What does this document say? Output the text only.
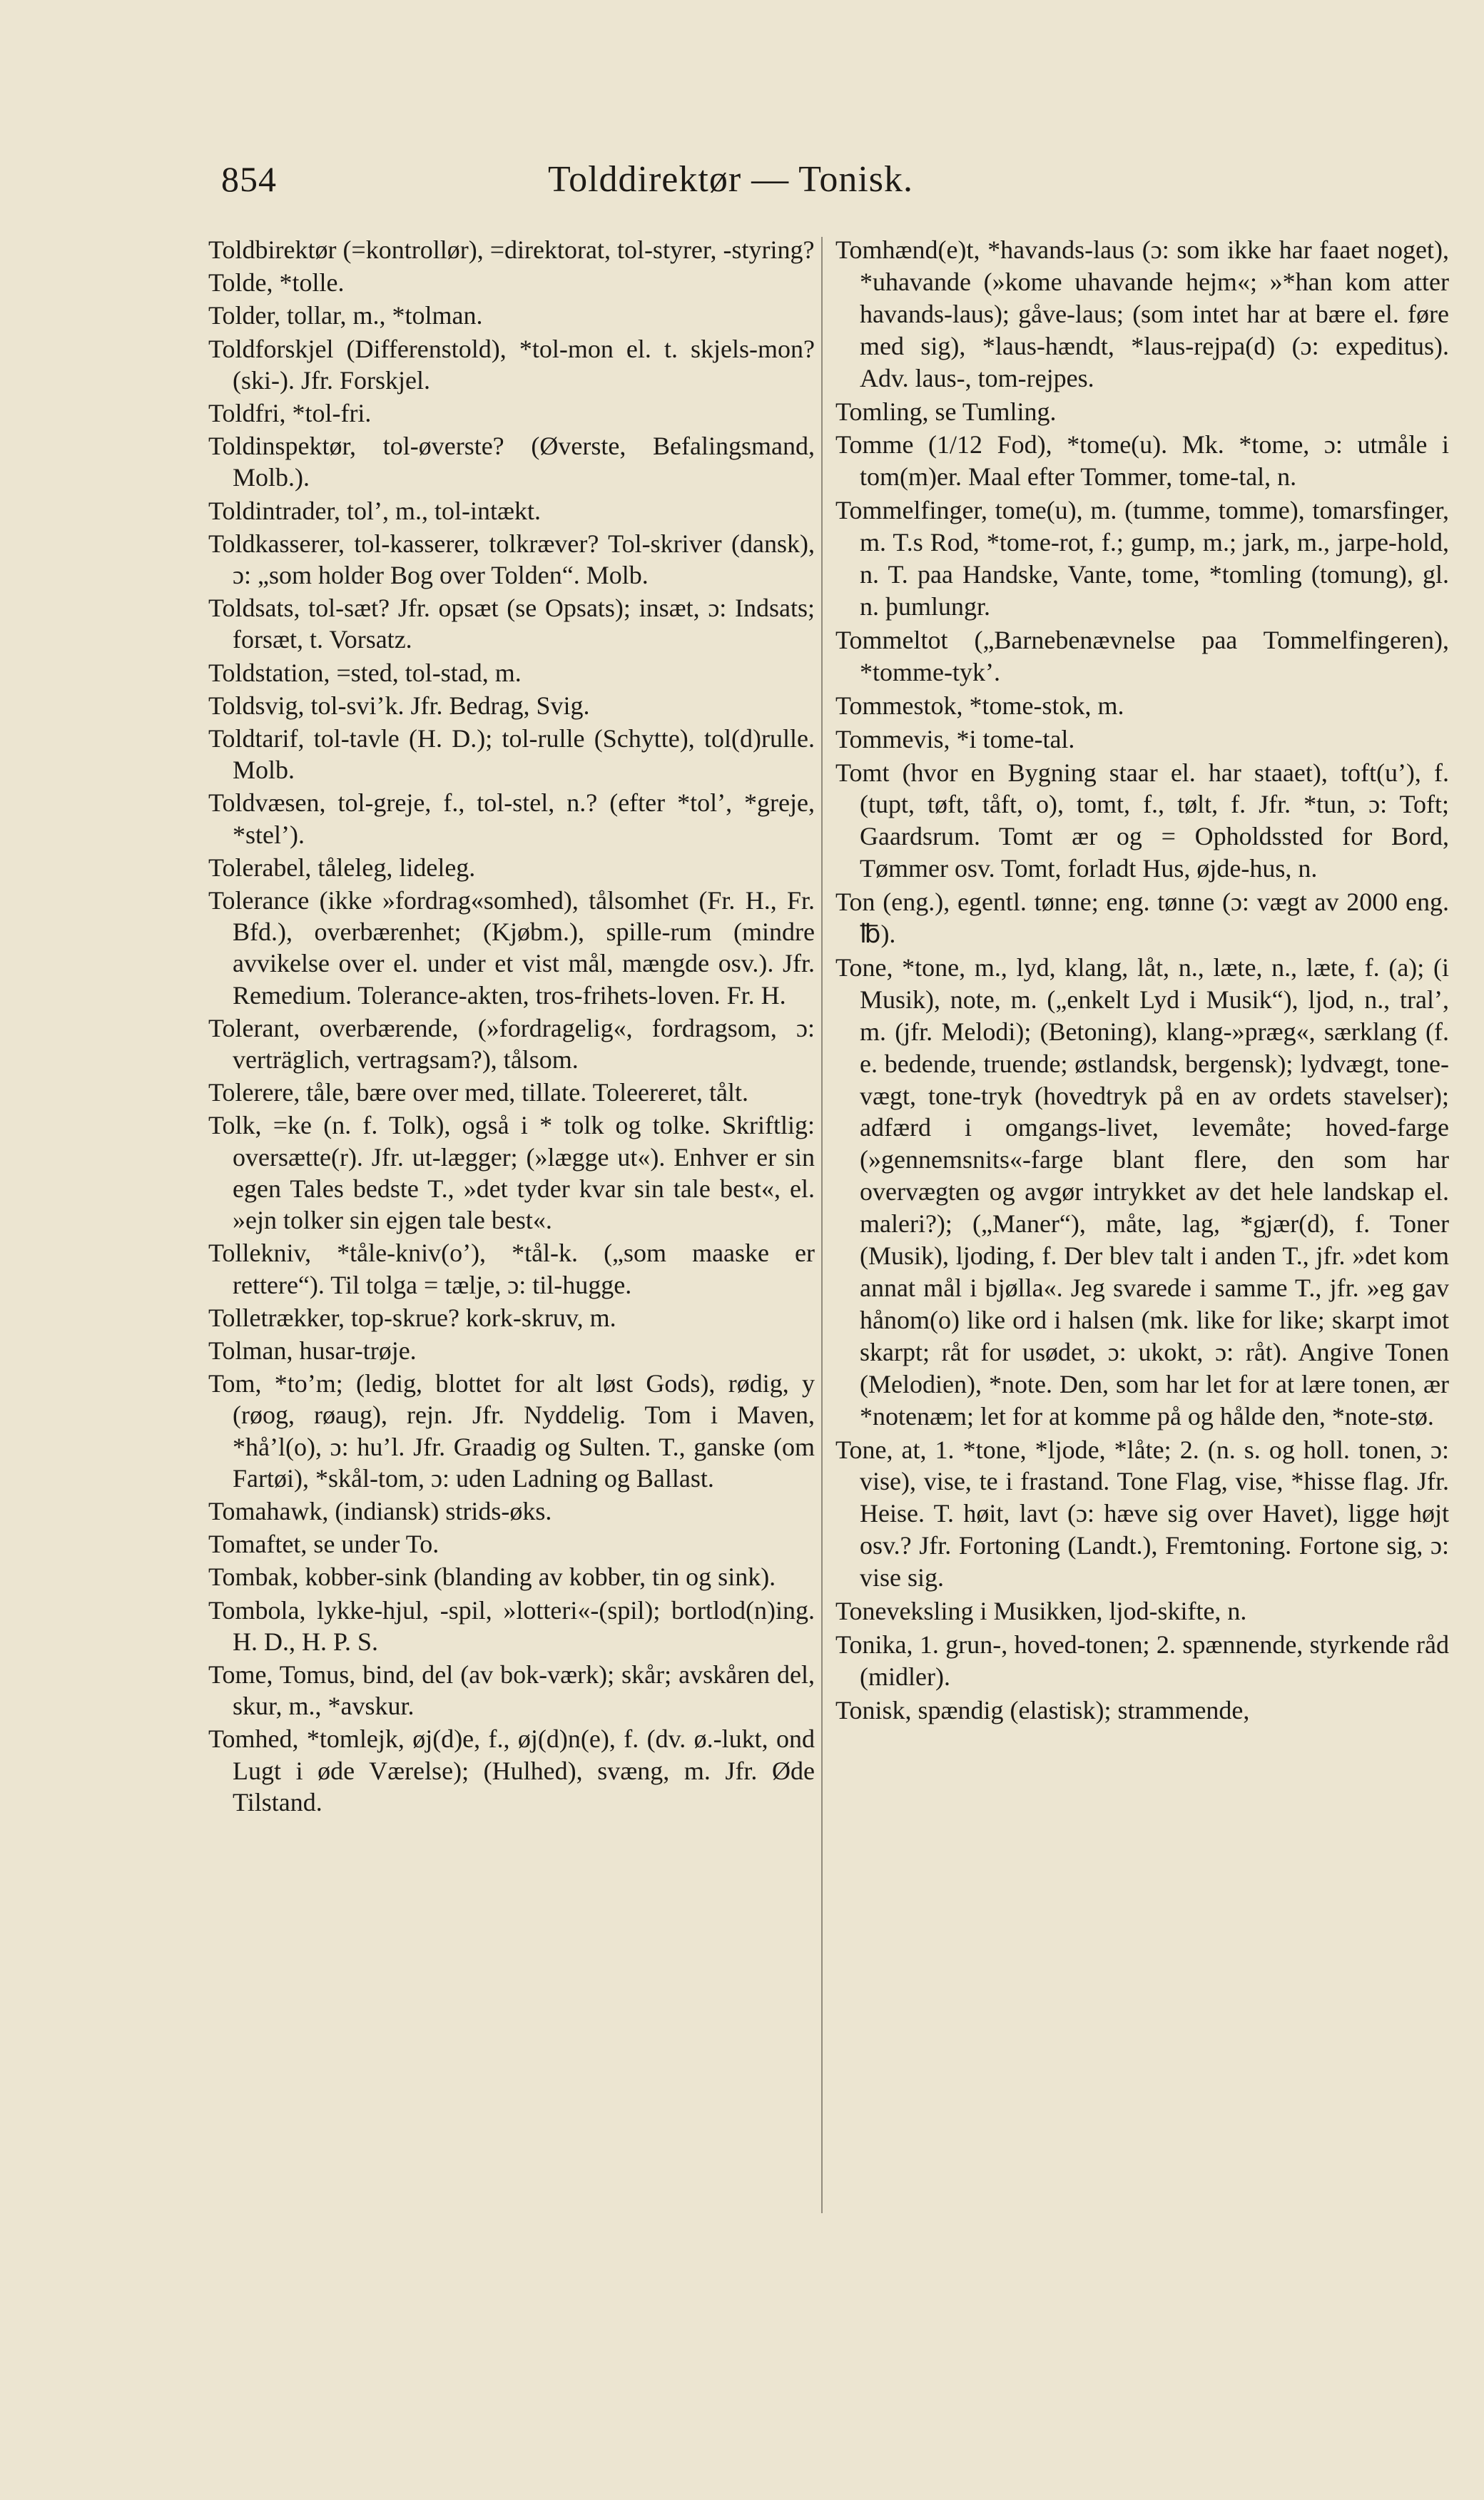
854	Tolddirektør — Tonisk.

Toldbirektør (=kontrollør), =direktorat, tol-styrer, -styring?

Tolde, *tolle.

Tolder, tollar, m., *tolman.

Toldforskjel (Differenstold), *tol-mon el. t. skjels-mon? (ski-). Jfr. Forskjel.

Toldfri, *tol-fri.

Toldinspektør, tol-øverste? (Øverste, Befalingsmand, Molb.).

Toldintrader, tol’, m., tol-intækt.

Toldkasserer, tol-kasserer, tolkræver? Tol-skriver (dansk), ɔ: „som holder Bog over Tolden“. Molb.

Toldsats, tol-sæt? Jfr. opsæt (se Opsats); insæt, ɔ: Indsats; forsæt, t. Vorsatz.

Toldstation, =sted, tol-stad, m.

Toldsvig, tol-svi’k. Jfr. Bedrag, Svig.

Toldtarif, tol-tavle (H. D.); tol-rulle (Schytte), tol(d)rulle. Molb.

Toldvæsen, tol-greje, f., tol-stel, n.? (efter *tol’, *greje, *stel’).

Tolerabel, tåleleg, lideleg.

Tolerance (ikke »fordrag«somhed), tålsomhet (Fr. H., Fr. Bfd.), overbærenhet; (Kjøbm.), spille-rum (mindre avvikelse over el. under et vist mål, mængde osv.). Jfr. Remedium. Tolerance-akten, tros-frihets-loven. Fr. H.

Tolerant, overbærende, (»fordragelig«, fordragsom, ɔ: verträglich, vertragsam?), tålsom.

Tolerere, tåle, bære over med, tillate. Toleereret, tålt.

Tolk, =ke (n. f. Tolk), også i * tolk og tolke. Skriftlig: oversætte(r). Jfr. ut-lægger; (»lægge ut«). Enhver er sin egen Tales bedste T., »det tyder kvar sin tale best«, el. »ejn tolker sin ejgen tale best«.

Tollekniv, *tåle-kniv(o’), *tål-k. („som maaske er rettere“). Til tolga = tælje, ɔ: til-hugge.

Tolletrækker, top-skrue? kork-skruv, m.

Tolman, husar-trøje.

Tom, *to’m; (ledig, blottet for alt løst Gods), rødig, y (røog, røaug), rejn. Jfr. Nyddelig. Tom i Maven, *hå’l(o), ɔ: hu’l. Jfr. Graadig og Sulten. T., ganske (om Fartøi), *skål-tom, ɔ: uden Ladning og Ballast.

Tomahawk, (indiansk) strids-øks.

Tomaftet, se under To.

Tombak, kobber-sink (blanding av kobber, tin og sink).

Tombola, lykke-hjul, -spil, »lotteri«-(spil); bortlod(n)ing. H. D., H. P. S.

Tome, Tomus, bind, del (av bok-værk); skår; avskåren del, skur, m., *avskur.

Tomhed, *tomlejk, øj(d)e, f., øj(d)n(e), f. (dv. ø.-lukt, ond Lugt i øde Værelse); (Hulhed), svæng, m. Jfr. Øde Tilstand.

Tomhænd(e)t, *havands-laus (ɔ: som ikke har faaet noget), *uhavande (»kome uhavande hejm«; »*han kom atter havands-laus); gåve-laus; (som intet har at bære el. føre med sig), *laus-hændt, *laus-rejpa(d) (ɔ: expeditus). Adv. laus-, tom-rejpes.

Tomling, se Tumling.

Tomme (1/12 Fod), *tome(u). Mk. *tome, ɔ: utmåle i tom(m)er. Maal efter Tommer, tome-tal, n.

Tommelfinger, tome(u), m. (tumme, tomme), tomarsfinger, m. T.s Rod, *tome-rot, f.; gump, m.; jark, m., jarpe-hold, n. T. paa Handske, Vante, tome, *tomling (tomung), gl. n. þumlungr.

Tommeltot („Barnebenævnelse paa Tommelfingeren), *tomme-tyk’.

Tommestok, *tome-stok, m.

Tommevis, *i tome-tal.

Tomt (hvor en Bygning staar el. har staaet), toft(u’), f. (tupt, tøft, tåft, o), tomt, f., tølt, f. Jfr. *tun, ɔ: Toft; Gaardsrum. Tomt ær og = Opholdssted for Bord, Tømmer osv. Tomt, forladt Hus, øjde-hus, n.

Ton (eng.), egentl. tønne; eng. tønne (ɔ: vægt av 2000 eng. ℔).

Tone, *tone, m., lyd, klang, låt, n., læte, n., læte, f. (a); (i Musik), note, m. („enkelt Lyd i Musik“), ljod, n., tral’, m. (jfr. Melodi); (Betoning), klang-»præg«, særklang (f. e. bedende, truende; østlandsk, bergensk); lydvægt, tone-vægt, tone-tryk (hovedtryk på en av ordets stavelser); adfærd i omgangs-livet, levemåte; hoved-farge (»gennemsnits«-farge blant flere, den som har overvægten og avgør intrykket av det hele landskap el. maleri?); („Maner“), måte, lag, *gjær(d), f. Toner (Musik), ljoding, f. Der blev talt i anden T., jfr. »det kom annat mål i bjølla«. Jeg svarede i samme T., jfr. »eg gav hånom(o) like ord i halsen (mk. like for like; skarpt imot skarpt; råt for usødet, ɔ: ukokt, ɔ: råt). Angive Tonen (Melodien), *note. Den, som har let for at lære tonen, ær *notenæm; let for at komme på og hålde den, *note-stø.

Tone, at, 1. *tone, *ljode, *låte; 2. (n. s. og holl. tonen, ɔ: vise), vise, te i frastand. Tone Flag, vise, *hisse flag. Jfr. Heise. T. høit, lavt (ɔ: hæve sig over Havet), ligge højt osv.? Jfr. Fortoning (Landt.), Fremtoning. Fortone sig, ɔ: vise sig.

Toneveksling i Musikken, ljod-skifte, n.

Tonika, 1. grun-, hoved-tonen; 2. spænnende, styrkende råd (midler).

Tonisk, spændig (elastisk); strammende,
